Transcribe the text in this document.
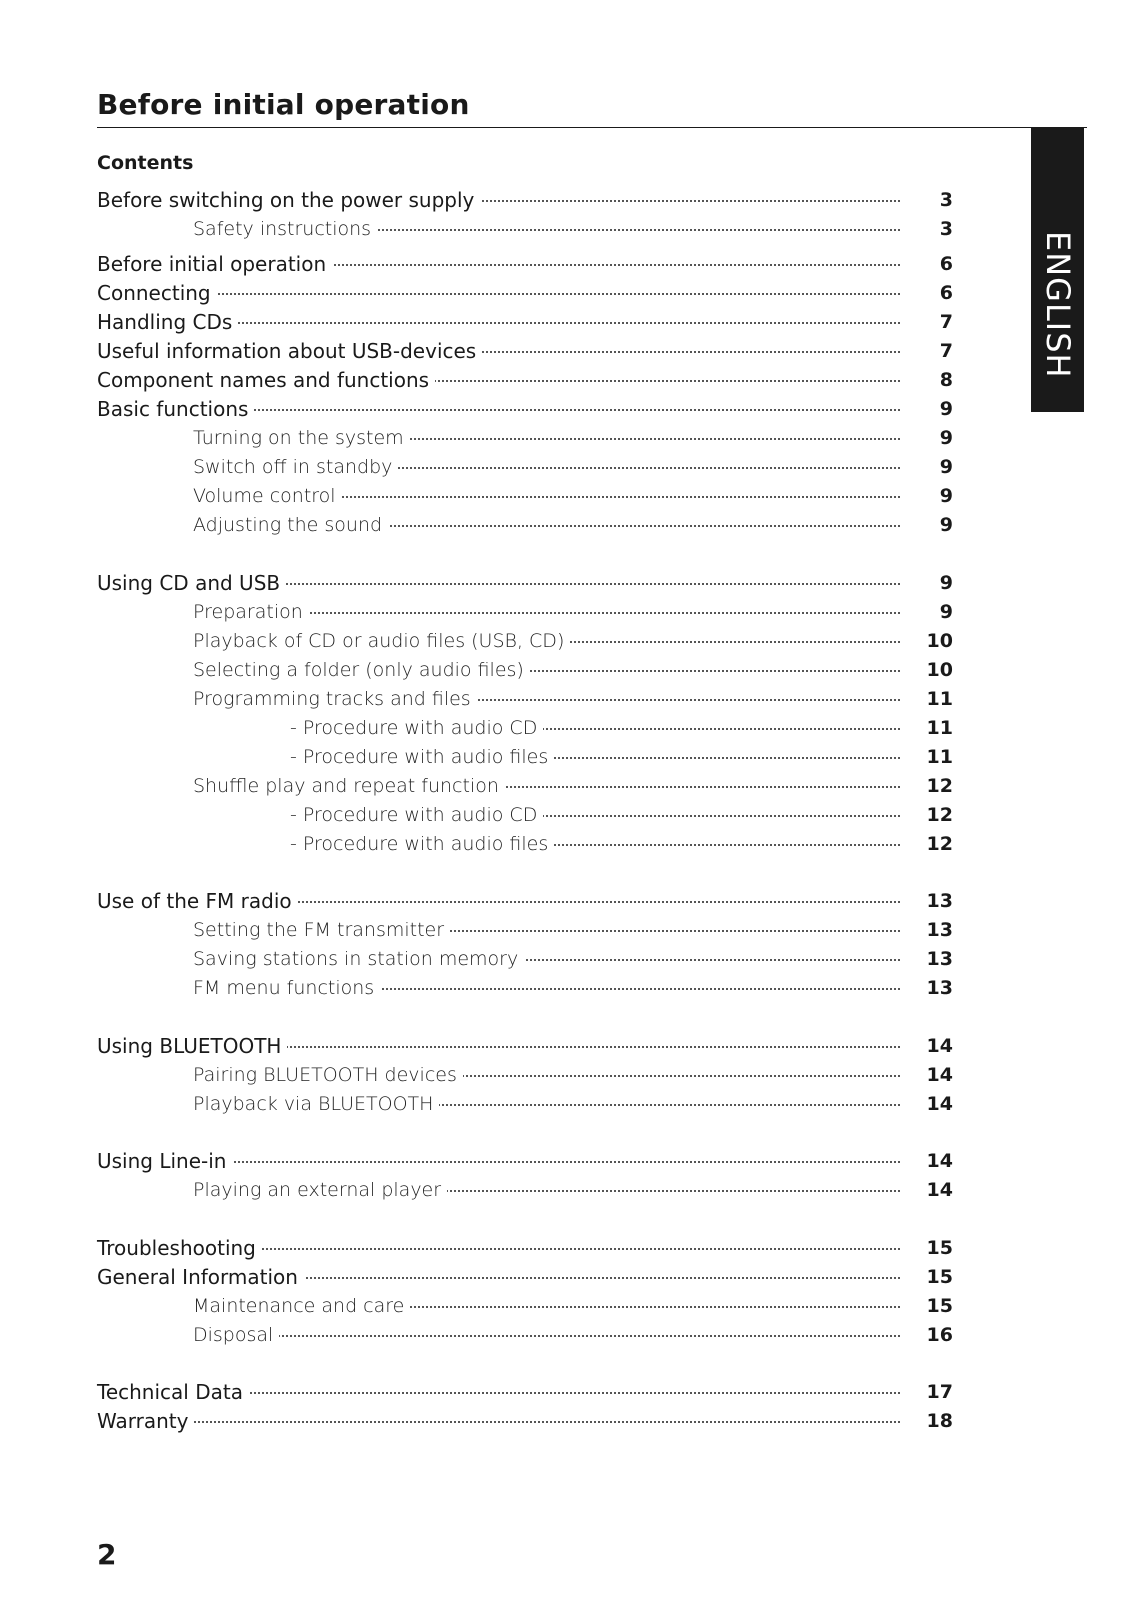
Before initial operation
ENGLISH
Contents
Before switching on the power supply	3
Safety instructions	3
Before initial operation	6
Connecting	6
Handling CDs	7
Useful information about USB-devices	7
Component names and functions	8
Basic functions	9
Turning on the system	9
Switch off in standby	9
Volume control	9
Adjusting the sound	9
Using CD and USB	9
Preparation	9
Playback of CD or audio files (USB, CD)	10
Selecting a folder (only audio files)	10
Programming tracks and files	11
- Procedure with audio CD	11
- Procedure with audio files	11
Shuffle play and repeat function	12
- Procedure with audio CD	12
- Procedure with audio files	12
Use of the FM radio	13
Setting the FM transmitter	13
Saving stations in station memory	13
FM menu functions	13
Using BLUETOOTH	14
Pairing BLUETOOTH devices	14
Playback via BLUETOOTH	14
Using Line-in	14
Playing an external player	14
Troubleshooting	15
General Information	15
Maintenance and care	15
Disposal	16
Technical Data	17
Warranty	18
2
